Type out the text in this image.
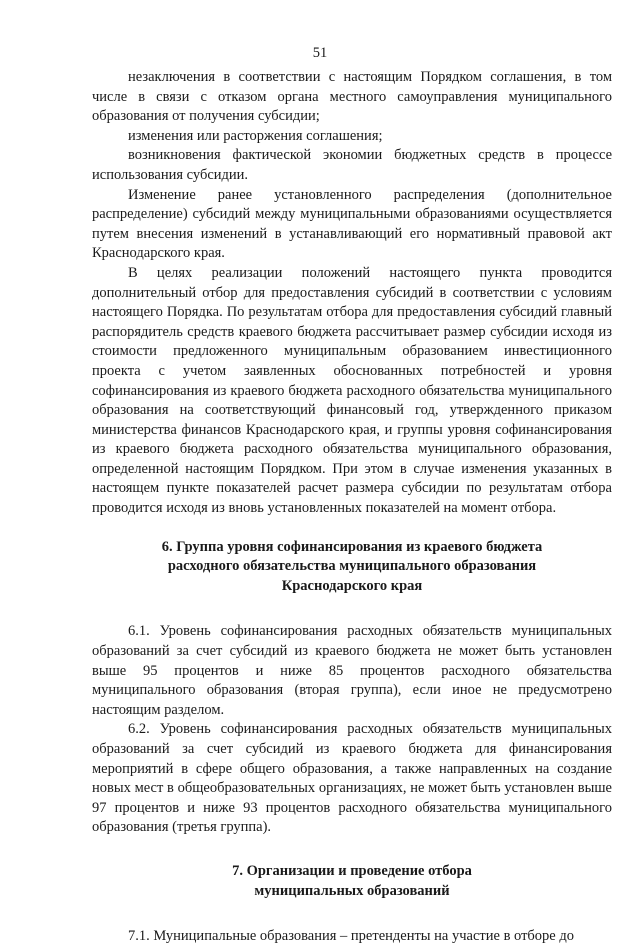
51

незаключения в соответствии с настоящим Порядком соглашения, в том числе в связи с отказом органа местного самоуправления муниципального образования от получения субсидии;

изменения или расторжения соглашения;

возникновения фактической экономии бюджетных средств в процессе использования субсидии.

Изменение ранее установленного распределения (дополнительное распределение) субсидий между муниципальными образованиями осуществляется путем внесения изменений в устанавливающий его нормативный правовой акт Краснодарского края.

В целях реализации положений настоящего пункта проводится дополнительный отбор для предоставления субсидий в соответствии с условиям настоящего Порядка. По результатам отбора для предоставления субсидий главный распорядитель средств краевого бюджета рассчитывает размер субсидии исходя из стоимости предложенного муниципальным образованием инвестиционного проекта с учетом заявленных обоснованных потребностей и уровня софинансирования из краевого бюджета расходного обязательства муниципального образования на соответствующий финансовый год, утвержденного приказом министерства финансов Краснодарского края, и группы уровня софинансирования из краевого бюджета расходного обязательства муниципального образования, определенной настоящим Порядком. При этом в случае изменения указанных в настоящем пункте показателей расчет размера субсидии по результатам отбора проводится исходя из вновь установленных показателей на момент отбора.

6. Группа уровня софинансирования из краевого бюджета
расходного обязательства муниципального образования
Краснодарского края

6.1. Уровень софинансирования расходных обязательств муниципальных образований за счет субсидий из краевого бюджета не может быть установлен выше 95 процентов и ниже 85 процентов расходного обязательства муниципального образования (вторая группа), если иное не предусмотрено настоящим разделом.

6.2. Уровень софинансирования расходных обязательств муниципальных образований за счет субсидий из краевого бюджета для финансирования мероприятий в сфере общего образования, а также направленных на создание новых мест в общеобразовательных организациях, не может быть установлен выше 97 процентов и ниже 93 процентов расходного обязательства муниципального образования (третья группа).

7. Организации и проведение отбора
муниципальных образований

7.1. Муниципальные образования – претенденты на участие в отборе до
